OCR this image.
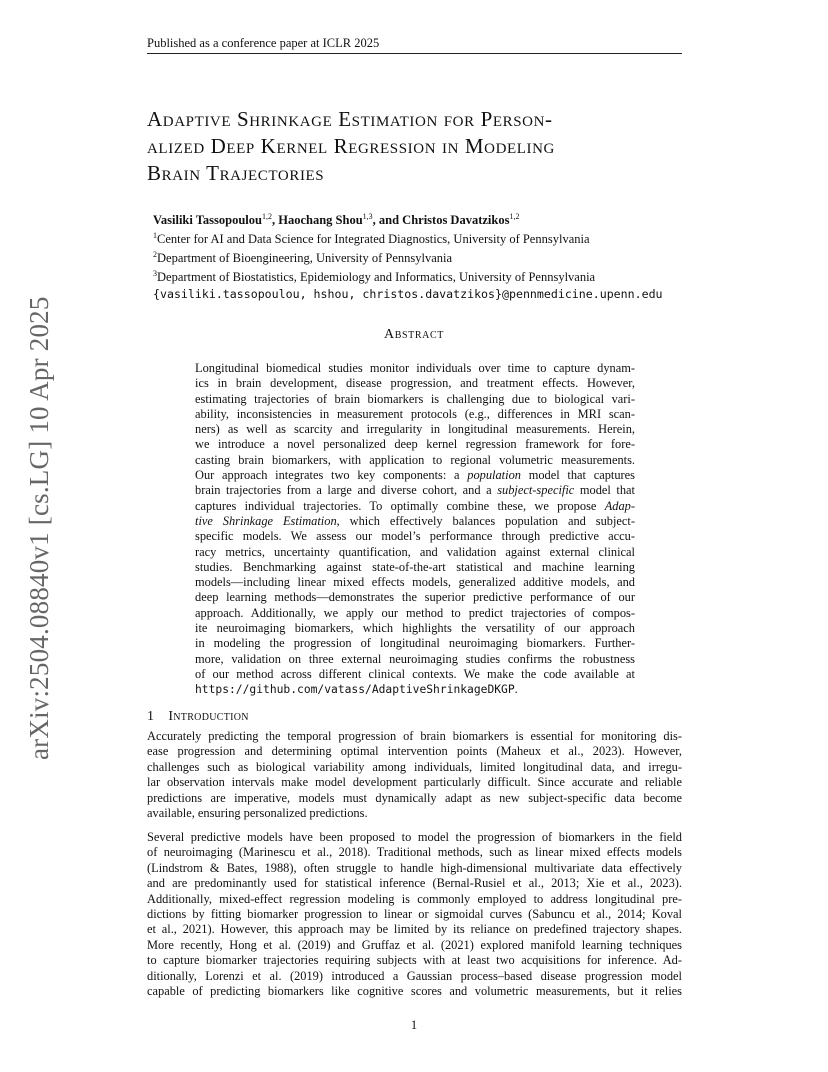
Published as a conference paper at ICLR 2025
arXiv:2504.08840v1 [cs.LG] 10 Apr 2025
Adaptive Shrinkage Estimation for Person-
alized Deep Kernel Regression in Modeling
Brain Trajectories
Vasiliki Tassopoulou$^{1,2}$, Haochang Shou$^{1,3}$, and Christos Davatzikos$^{1,2}$
$^1$Center for AI and Data Science for Integrated Diagnostics, University of Pennsylvania
$^2$Department of Bioengineering, University of Pennsylvania
$^3$Department of Biostatistics, Epidemiology and Informatics, University of Pennsylvania
{vasiliki.tassopoulou, hshou, christos.davatzikos}@pennmedicine.upenn.edu
Abstract
Longitudinal biomedical studies monitor individuals over time to capture dynam-
ics in brain development, disease progression, and treatment effects. However,
estimating trajectories of brain biomarkers is challenging due to biological vari-
ability, inconsistencies in measurement protocols (e.g., differences in MRI scan-
ners) as well as scarcity and irregularity in longitudinal measurements. Herein,
we introduce a novel personalized deep kernel regression framework for fore-
casting brain biomarkers, with application to regional volumetric measurements.
Our approach integrates two key components: a population model that captures
brain trajectories from a large and diverse cohort, and a subject-specific model that
captures individual trajectories. To optimally combine these, we propose Adap-
tive Shrinkage Estimation, which effectively balances population and subject-
specific models. We assess our model’s performance through predictive accu-
racy metrics, uncertainty quantification, and validation against external clinical
studies. Benchmarking against state-of-the-art statistical and machine learning
models—including linear mixed effects models, generalized additive models, and
deep learning methods—demonstrates the superior predictive performance of our
approach. Additionally, we apply our method to predict trajectories of compos-
ite neuroimaging biomarkers, which highlights the versatility of our approach
in modeling the progression of longitudinal neuroimaging biomarkers. Further-
more, validation on three external neuroimaging studies confirms the robustness
of our method across different clinical contexts. We make the code available at
https://github.com/vatass/AdaptiveShrinkageDKGP.
1 Introduction
Accurately predicting the temporal progression of brain biomarkers is essential for monitoring dis-
ease progression and determining optimal intervention points (Maheux et al., 2023). However,
challenges such as biological variability among individuals, limited longitudinal data, and irregu-
lar observation intervals make model development particularly difficult. Since accurate and reliable
predictions are imperative, models must dynamically adapt as new subject-specific data become
available, ensuring personalized predictions.
Several predictive models have been proposed to model the progression of biomarkers in the field
of neuroimaging (Marinescu et al., 2018). Traditional methods, such as linear mixed effects models
(Lindstrom & Bates, 1988), often struggle to handle high-dimensional multivariate data effectively
and are predominantly used for statistical inference (Bernal-Rusiel et al., 2013; Xie et al., 2023).
Additionally, mixed-effect regression modeling is commonly employed to address longitudinal pre-
dictions by fitting biomarker progression to linear or sigmoidal curves (Sabuncu et al., 2014; Koval
et al., 2021). However, this approach may be limited by its reliance on predefined trajectory shapes.
More recently, Hong et al. (2019) and Gruffaz et al. (2021) explored manifold learning techniques
to capture biomarker trajectories requiring subjects with at least two acquisitions for inference. Ad-
ditionally, Lorenzi et al. (2019) introduced a Gaussian process–based disease progression model
capable of predicting biomarkers like cognitive scores and volumetric measurements, but it relies
1
